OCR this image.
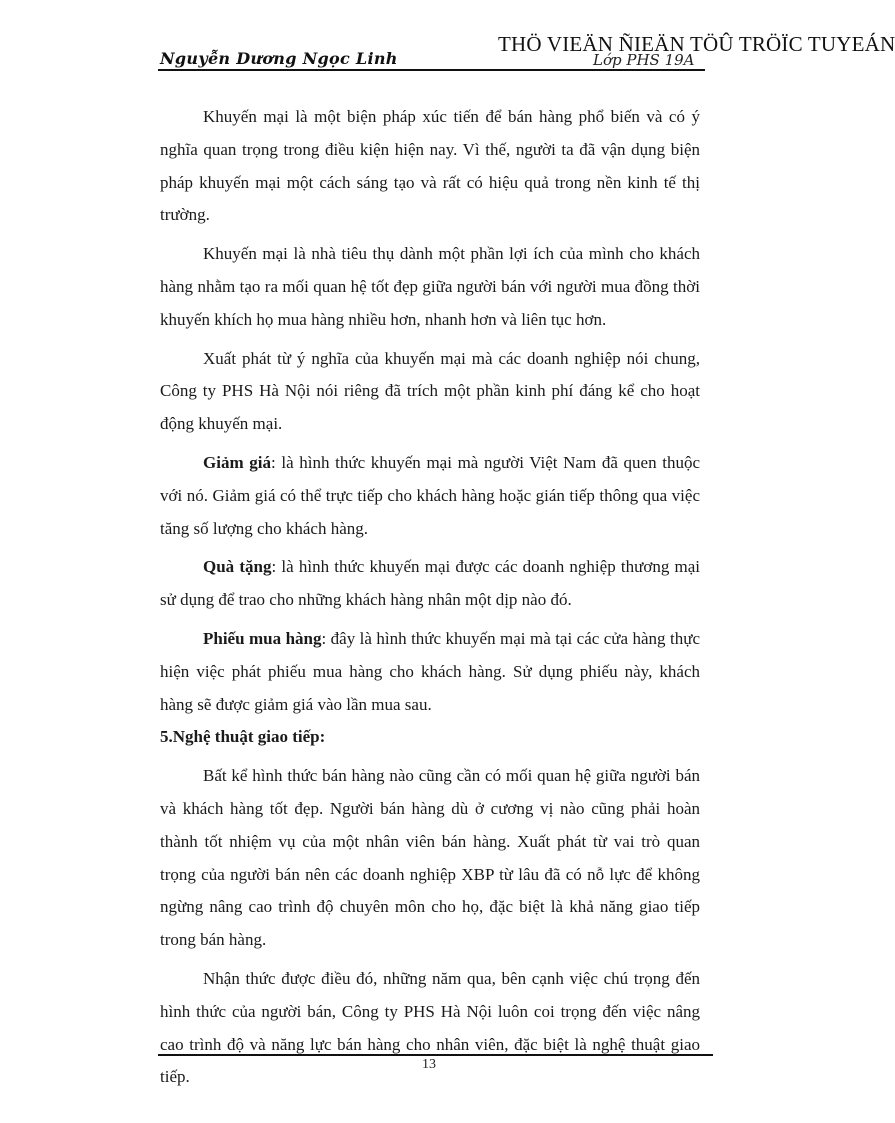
Nguyễn Dương Ngọc Linh	Lớp PHS 19A
THÖ VIEÄN ÑIEÄN TÖÛ TRÖÏC TUYEÁN

Khuyến mại là một biện pháp xúc tiến để bán hàng phổ biến và có ý nghĩa quan trọng trong điều kiện hiện nay. Vì thế, người ta đã vận dụng biện pháp khuyến mại một cách sáng tạo và rất có hiệu quả trong nền kinh tế thị trường.

Khuyến mại là nhà tiêu thụ dành một phần lợi ích của mình cho khách hàng nhằm tạo ra mối quan hệ tốt đẹp giữa người bán với người mua đồng thời khuyến khích họ mua hàng nhiều hơn, nhanh hơn và liên tục hơn.

Xuất phát từ ý nghĩa của khuyến mại mà các doanh nghiệp nói chung, Công ty PHS Hà Nội nói riêng đã trích một phần kinh phí đáng kể cho hoạt động khuyến mại.

Giảm giá: là hình thức khuyến mại mà người Việt Nam đã quen thuộc với nó. Giảm giá có thể trực tiếp cho khách hàng hoặc gián tiếp thông qua việc tăng số lượng cho khách hàng.

Quà tặng: là hình thức khuyến mại được các doanh nghiệp thương mại sử dụng để trao cho những khách hàng nhân một dịp nào đó.

Phiếu mua hàng: đây là hình thức khuyến mại mà tại các cửa hàng thực hiện việc phát phiếu mua hàng cho khách hàng. Sử dụng phiếu này, khách hàng sẽ được giảm giá vào lần mua sau.

5.Nghệ thuật giao tiếp:

Bất kể hình thức bán hàng nào cũng cần có mối quan hệ giữa người bán và khách hàng tốt đẹp. Người bán hàng dù ở cương vị nào cũng phải hoàn thành tốt nhiệm vụ của một nhân viên bán hàng. Xuất phát từ vai trò quan trọng của người bán nên các doanh nghiệp XBP từ lâu đã có nỗ lực để không ngừng nâng cao trình độ chuyên môn cho họ, đặc biệt là khả năng giao tiếp trong bán hàng.

Nhận thức được điều đó, những năm qua, bên cạnh việc chú trọng đến hình thức của người bán, Công ty PHS Hà Nội luôn coi trọng đến việc nâng cao trình độ và năng lực bán hàng cho nhân viên, đặc biệt là nghệ thuật giao tiếp.

13
